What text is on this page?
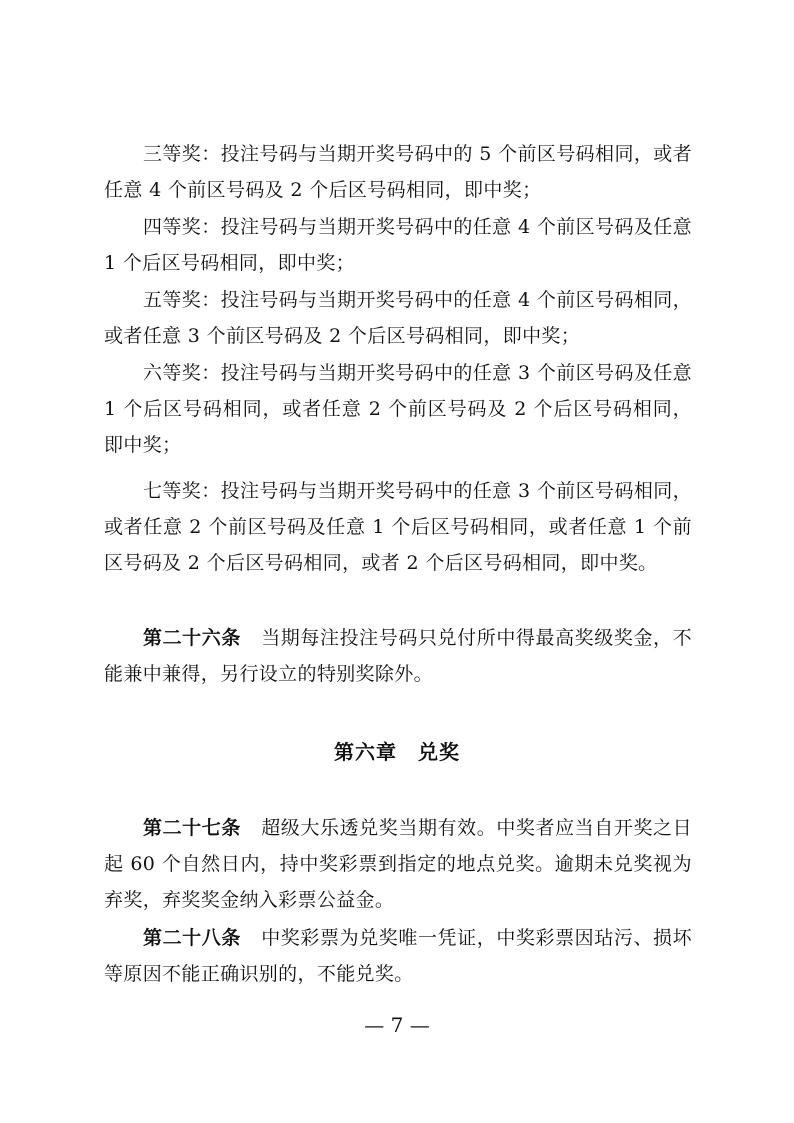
三等奖：投注号码与当期开奖号码中的 5 个前区号码相同，或者任意 4 个前区号码及 2 个后区号码相同，即中奖；

四等奖：投注号码与当期开奖号码中的任意 4 个前区号码及任意 1 个后区号码相同，即中奖；

五等奖：投注号码与当期开奖号码中的任意 4 个前区号码相同，或者任意 3 个前区号码及 2 个后区号码相同，即中奖；

六等奖：投注号码与当期开奖号码中的任意 3 个前区号码及任意 1 个后区号码相同，或者任意 2 个前区号码及 2 个后区号码相同，即中奖；

七等奖：投注号码与当期开奖号码中的任意 3 个前区号码相同，或者任意 2 个前区号码及任意 1 个后区号码相同，或者任意 1 个前区号码及 2 个后区号码相同，或者 2 个后区号码相同，即中奖。

第二十六条 当期每注投注号码只兑付所中得最高奖级奖金，不能兼中兼得，另行设立的特别奖除外。

第六章　兑奖

第二十七条 超级大乐透兑奖当期有效。中奖者应当自开奖之日起 60 个自然日内，持中奖彩票到指定的地点兑奖。逾期未兑奖视为弃奖，弃奖奖金纳入彩票公益金。

第二十八条 中奖彩票为兑奖唯一凭证，中奖彩票因玷污、损坏等原因不能正确识别的，不能兑奖。

— 7 —
